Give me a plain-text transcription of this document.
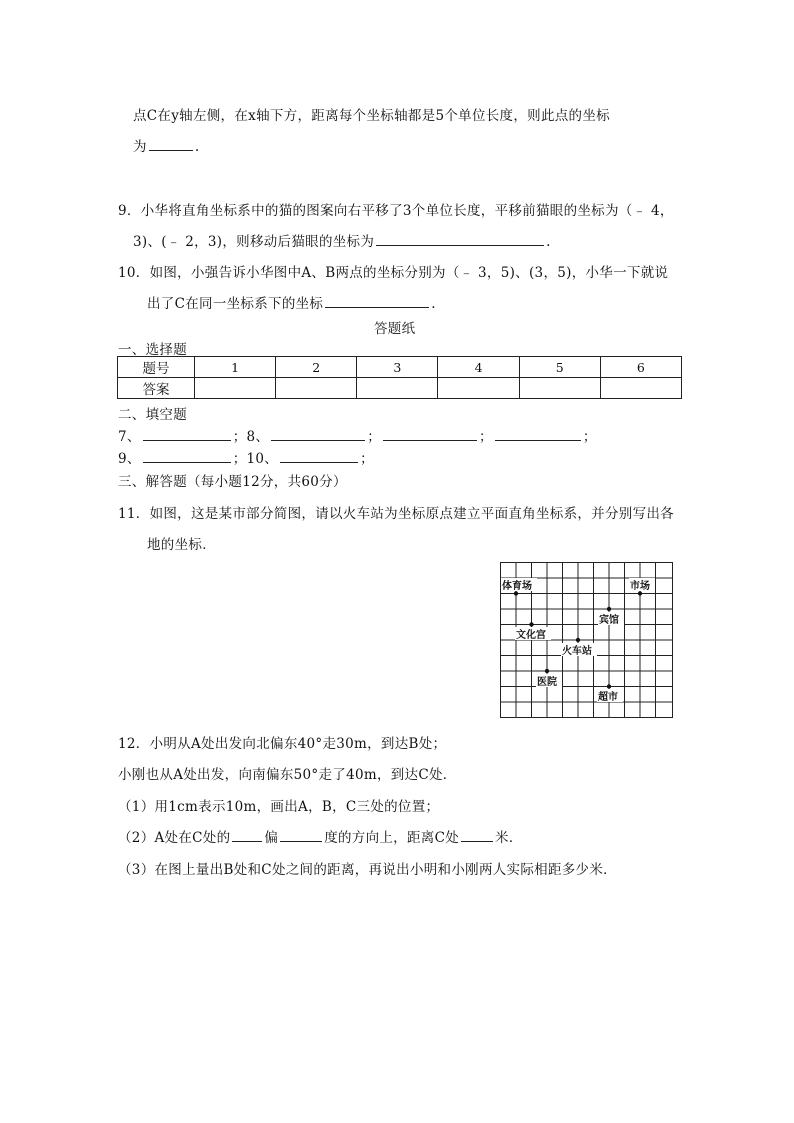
点C在y轴左侧，在x轴下方，距离每个坐标轴都是5个单位长度，则此点的坐标
为	.
9．小华将直角坐标系中的猫的图案向右平移了3个单位长度，平移前猫眼的坐标为（﹣ 4，
3)、(﹣ 2，3)，则移动后猫眼的坐标为	.
10．如图，小强告诉小华图中A、B两点的坐标分别为（﹣ 3，5)、(3，5)，小华一下就说
出了C在同一坐标系下的坐标	.
答题纸
一、选择题
题号	1	2	3	4	5	6
答案						
二、填空题
7、	；8、	；	；	；
9、	；10、	；
三、解答题（每小题12分，共60分）
11．如图，这是某市部分简图，请以火车站为坐标原点建立平面直角坐标系，并分别写出各
地的坐标．
体育场	市场
宾馆
文化宫
火车站
医院
超市
12．小明从A处出发向北偏东40°走30m，到达B处；
小刚也从A处出发，向南偏东50°走了40m，到达C处．
（1）用1cm表示10m，画出A，B，C三处的位置；
（2）A处在C处的	偏	度的方向上，距离C处	米．
（3）在图上量出B处和C处之间的距离，再说出小明和小刚两人实际相距多少米．
